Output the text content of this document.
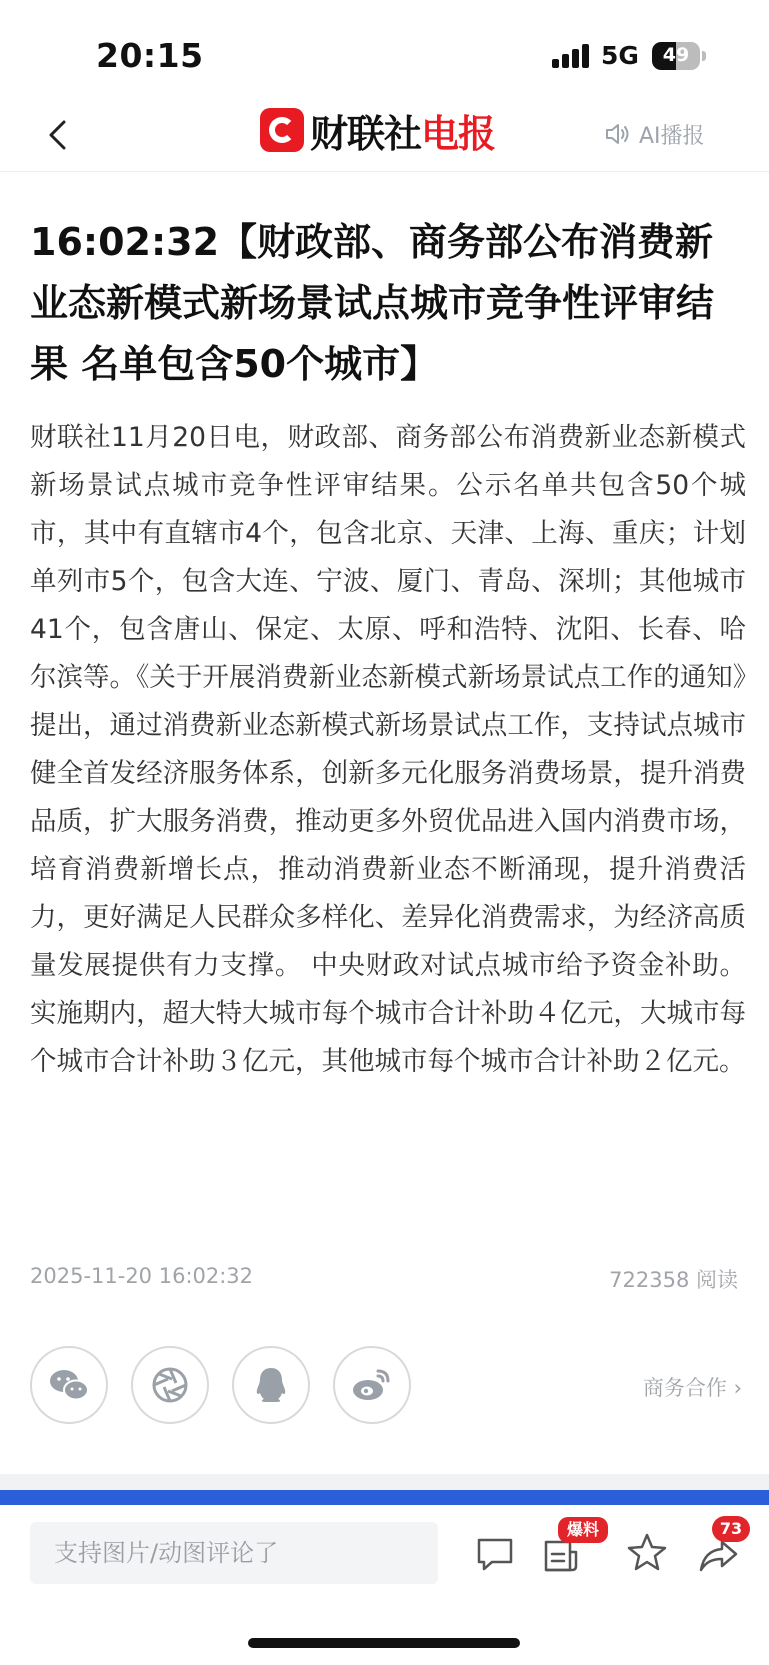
20:15	5G	49
财联社 电报	AI播报
16:02:32【财政部、商务部公布消费新业态新模式新场景试点城市竞争性评审结果 名单包含50个城市】
财联社11月20日电，财政部、商务部公布消费新业态新模式新场景试点城市竞争性评审结果。公示名单共包含50个城市，其中有直辖市4个，包含北京、天津、上海、重庆；计划单列市5个，包含大连、宁波、厦门、青岛、深圳；其他城市41个，包含唐山、保定、太原、呼和浩特、沈阳、长春、哈尔滨等。《关于开展消费新业态新模式新场景试点工作的通知》提出，通过消费新业态新模式新场景试点工作，支持试点城市健全首发经济服务体系，创新多元化服务消费场景，提升消费品质，扩大服务消费，推动更多外贸优品进入国内消费市场，培育消费新增长点，推动消费新业态不断涌现，提升消费活力，更好满足人民群众多样化、差异化消费需求，为经济高质量发展提供有力支撑。 中央财政对试点城市给予资金补助。实施期内，超大特大城市每个城市合计补助４亿元，大城市每个城市合计补助３亿元，其他城市每个城市合计补助２亿元。
2025-11-20 16:02:32	722358 阅读
商务合作 ›
支持图片/动图评论了
爆料	73
